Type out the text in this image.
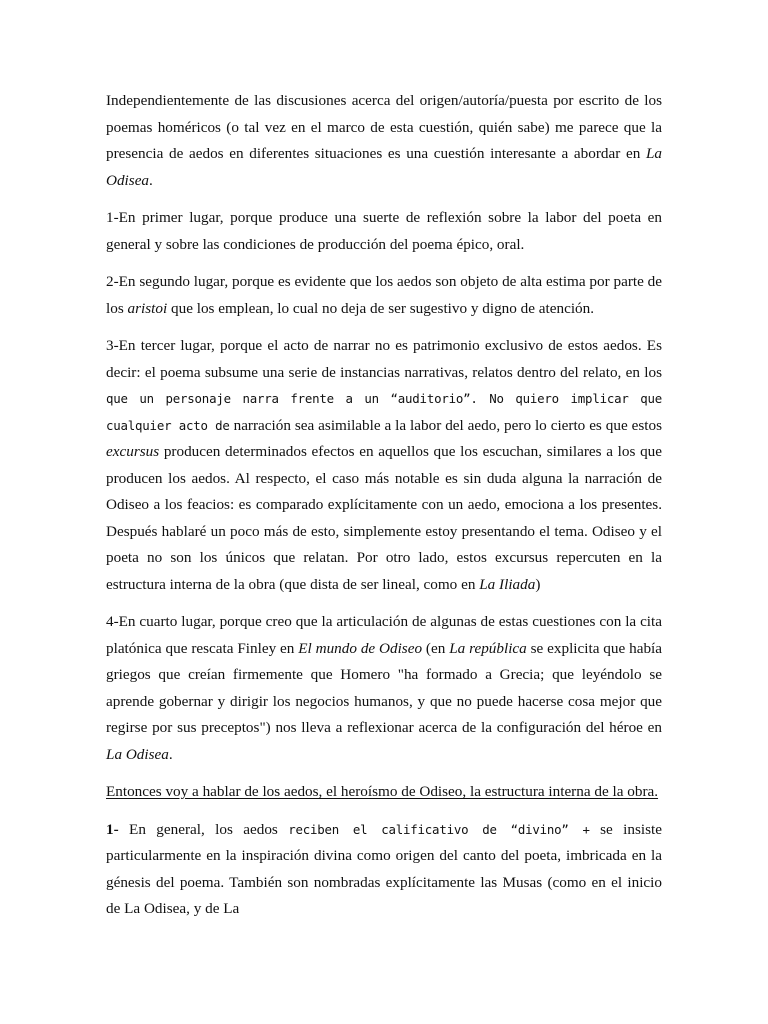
Independientemente de las discusiones acerca del origen/autoría/puesta por escrito de los poemas homéricos (o tal vez en el marco de esta cuestión, quién sabe) me parece que la presencia de aedos en diferentes situaciones es una cuestión interesante a abordar en La Odisea.

1-En primer lugar, porque produce una suerte de reflexión sobre la labor del poeta en general y sobre las condiciones de producción del poema épico, oral.

2-En segundo lugar, porque es evidente que los aedos son objeto de alta estima por parte de los aristoi que los emplean, lo cual no deja de ser sugestivo y digno de atención.

3-En tercer lugar, porque el acto de narrar no es patrimonio exclusivo de estos aedos. Es decir: el poema subsume una serie de instancias narrativas, relatos dentro del relato, en los que un personaje narra frente a un “auditorio”. No quiero implicar que cualquier acto de narración sea asimilable a la labor del aedo, pero lo cierto es que estos excursus producen determinados efectos en aquellos que los escuchan, similares a los que producen los aedos. Al respecto, el caso más notable es sin duda alguna la narración de Odiseo a los feacios: es comparado explícitamente con un aedo, emociona a los presentes. Después hablaré un poco más de esto, simplemente estoy presentando el tema. Odiseo y el poeta no son los únicos que relatan. Por otro lado, estos excursus repercuten en la estructura interna de la obra (que dista de ser lineal, como en La Iliada)

4-En cuarto lugar, porque creo que la articulación de algunas de estas cuestiones con la cita platónica que rescata Finley en El mundo de Odiseo (en La república se explicita que había griegos que creían firmemente que Homero "ha formado a Grecia; que leyéndolo se aprende gobernar y dirigir los negocios humanos, y que no puede hacerse cosa mejor que regirse por sus preceptos") nos lleva a reflexionar acerca de la configuración del héroe en La Odisea.

Entonces voy a hablar de los aedos, el heroísmo de Odiseo, la estructura interna de la obra.

1- En general, los aedos reciben el calificativo de “divino” + se insiste particularmente en la inspiración divina como origen del canto del poeta, imbricada en la génesis del poema. También son nombradas explícitamente las Musas (como en el inicio de La Odisea, y de La
